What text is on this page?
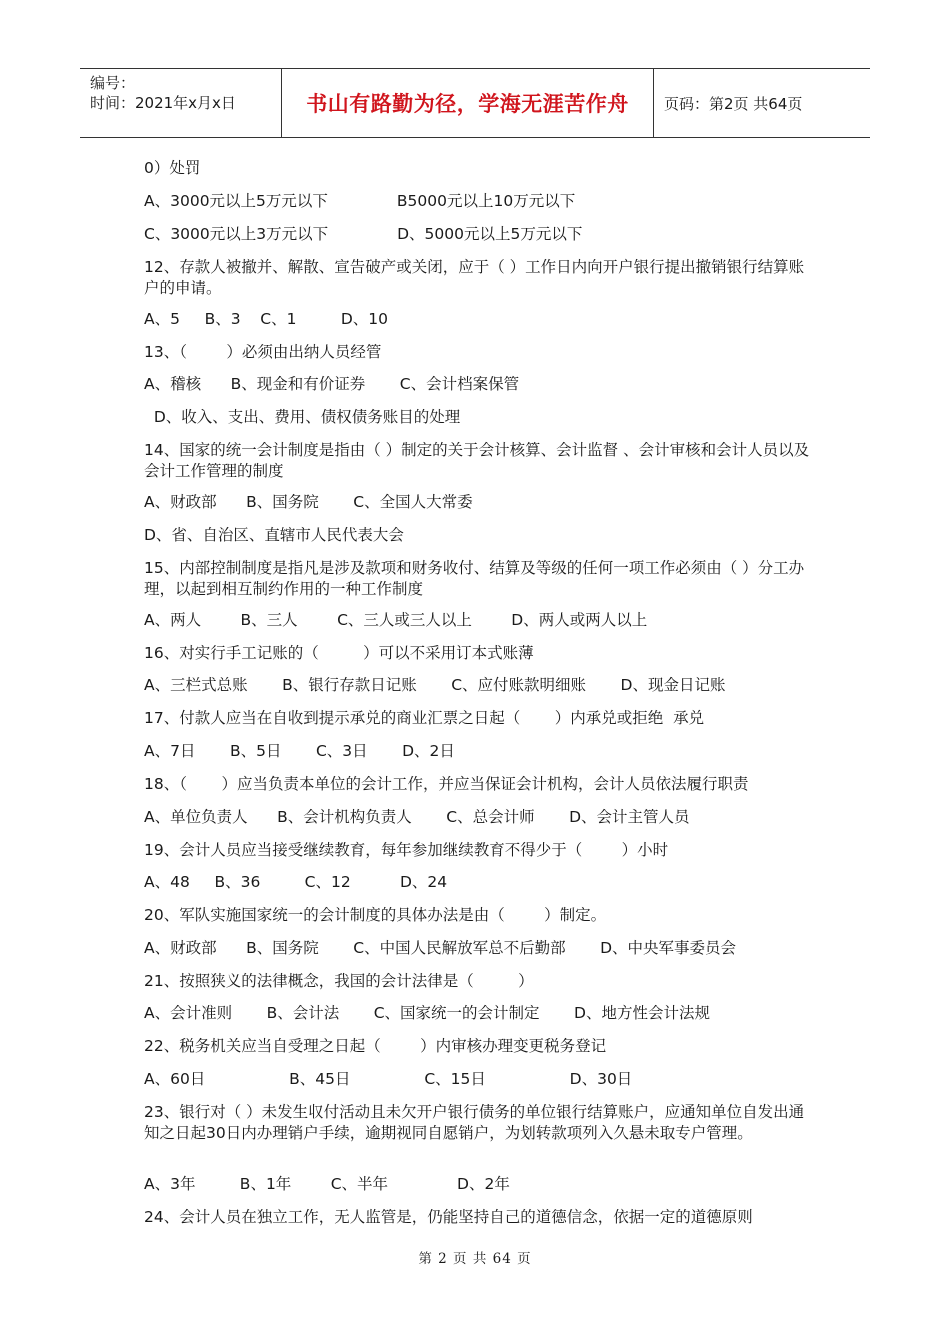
编号：
时间：2021年x月x日	书山有路勤为径，学海无涯苦作舟	页码：第2页 共64页
0）处罚
A、3000元以上5万元以下              B5000元以上10万元以下
C、3000元以上3万元以下              D、5000元以上5万元以下
12、存款人被撤并、解散、宣告破产或关闭，应于（ ）工作日内向开户银行提出撤销银行结算账户的申请。
A、5     B、3    C、1         D、10
13、（        ）必须由出纳人员经管
A、稽核      B、现金和有价证券       C、会计档案保管
D、收入、支出、费用、债权债务账目的处理
14、国家的统一会计制度是指由（ ）制定的关于会计核算、会计监督 、会计审核和会计人员以及会计工作管理的制度
A、财政部      B、国务院       C、全国人大常委
D、省、自治区、直辖市人民代表大会
15、内部控制制度是指凡是涉及款项和财务收付、结算及等级的任何一项工作必须由（ ）分工办理，以起到相互制约作用的一种工作制度
A、两人        B、三人        C、三人或三人以上        D、两人或两人以上
16、对实行手工记账的（         ）可以不采用订本式账薄
A、三栏式总账       B、银行存款日记账       C、应付账款明细账       D、现金日记账
17、付款人应当在自收到提示承兑的商业汇票之日起（       ）内承兑或拒绝  承兑
A、7日       B、5日       C、3日       D、2日
18、（       ）应当负责本单位的会计工作，并应当保证会计机构，会计人员依法履行职责
A、单位负责人      B、会计机构负责人       C、总会计师       D、会计主管人员
19、会计人员应当接受继续教育，每年参加继续教育不得少于（        ）小时
A、48     B、36         C、12          D、24
20、军队实施国家统一的会计制度的具体办法是由（        ）制定。
A、财政部      B、国务院       C、中国人民解放军总不后勤部       D、中央军事委员会
21、按照狭义的法律概念，我国的会计法律是（         ）
A、会计准则       B、会计法       C、国家统一的会计制定       D、地方性会计法规
22、税务机关应当自受理之日起（        ）内审核办理变更税务登记
A、60日                 B、45日               C、15日                 D、30日
23、银行对（ ）未发生収付活动且未欠开户银行债务的单位银行结算账户，应通知单位自发出通知之日起30日内办理销户手续，逾期视同自愿销户，为划转款项列入久悬未取专户管理。
A、3年         B、1年        C、半年              D、2年
24、会计人员在独立工作，无人监管是，仍能坚持自己的道德信念，依据一定的道德原则
第 2 页 共 64 页
